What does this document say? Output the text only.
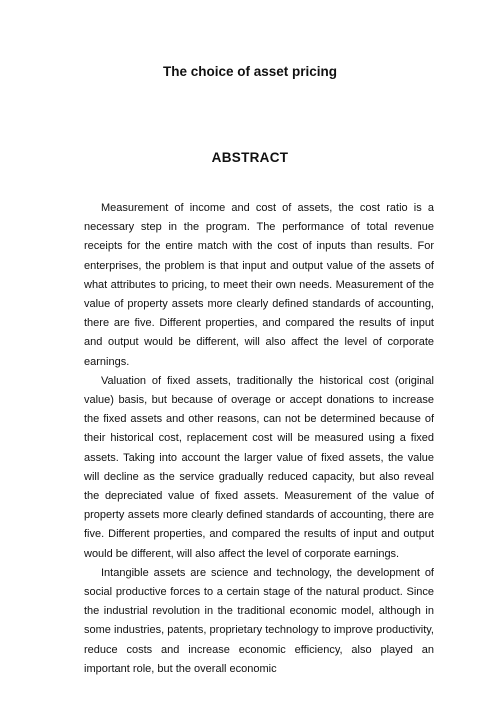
The choice of asset pricing
ABSTRACT

Measurement of income and cost of assets, the cost ratio is a necessary step in the program. The performance of total revenue receipts for the entire match with the cost of inputs than results. For enterprises, the problem is that input and output value of the assets of what attributes to pricing, to meet their own needs. Measurement of the value of property assets more clearly defined standards of accounting, there are five. Different properties, and compared the results of input and output would be different, will also affect the level of corporate earnings.

Valuation of fixed assets, traditionally the historical cost (original value) basis, but because of overage or accept donations to increase the fixed assets and other reasons, can not be determined because of their historical cost, replacement cost will be measured using a fixed assets. Taking into account the larger value of fixed assets, the value will decline as the service gradually reduced capacity, but also reveal the depreciated value of fixed assets. Measurement of the value of property assets more clearly defined standards of accounting, there are five. Different properties, and compared the results of input and output would be different, will also affect the level of corporate earnings.

Intangible assets are science and technology, the development of social productive forces to a certain stage of the natural product. Since the industrial revolution in the traditional economic model, although in some industries, patents, proprietary technology to improve productivity, reduce costs and increase economic efficiency, also played an important role, but the overall economic
